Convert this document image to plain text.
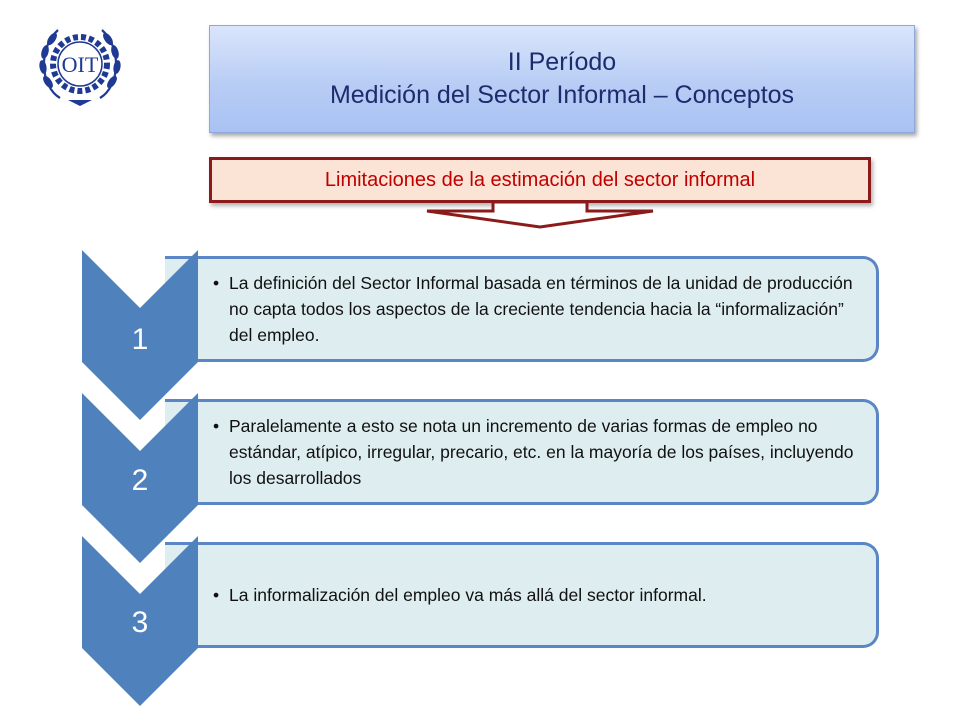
OIT	II Período
Medición del Sector Informal – Conceptos
Limitaciones de la estimación del sector informal
• La definición del Sector Informal basada en términos de la unidad de producción no capta todos los aspectos de la creciente tendencia hacia la “informalización” del empleo.
1
• Paralelamente a esto se nota un incremento de varias formas de empleo no estándar, atípico, irregular, precario, etc. en la mayoría de los países, incluyendo los desarrollados
2
• La informalización del empleo va más allá del sector informal.
3
